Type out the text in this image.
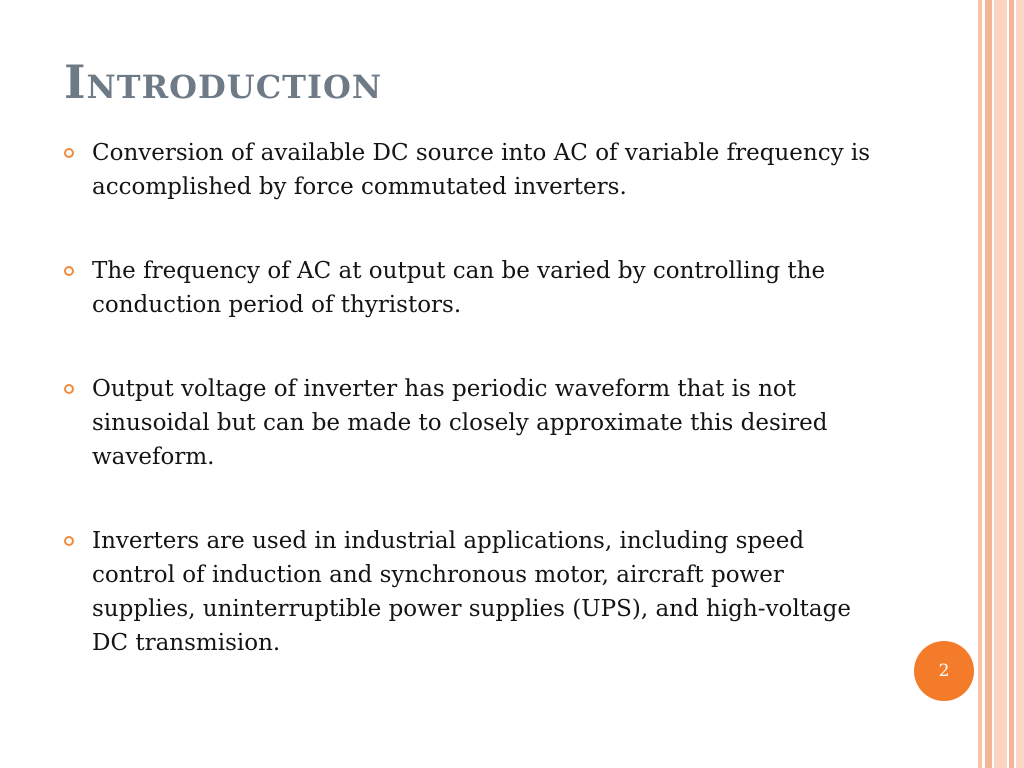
Introduction
Conversion of available DC source into AC of variable frequency is accomplished by force commutated inverters.
The frequency of AC at output can be varied by controlling the conduction period of thyristors.
Output voltage of inverter has periodic waveform that is not sinusoidal but can be made to closely approximate this desired waveform.
Inverters are used in industrial applications, including speed control of induction and synchronous motor, aircraft power supplies, uninterruptible power supplies (UPS), and high-voltage DC transmision.
2
